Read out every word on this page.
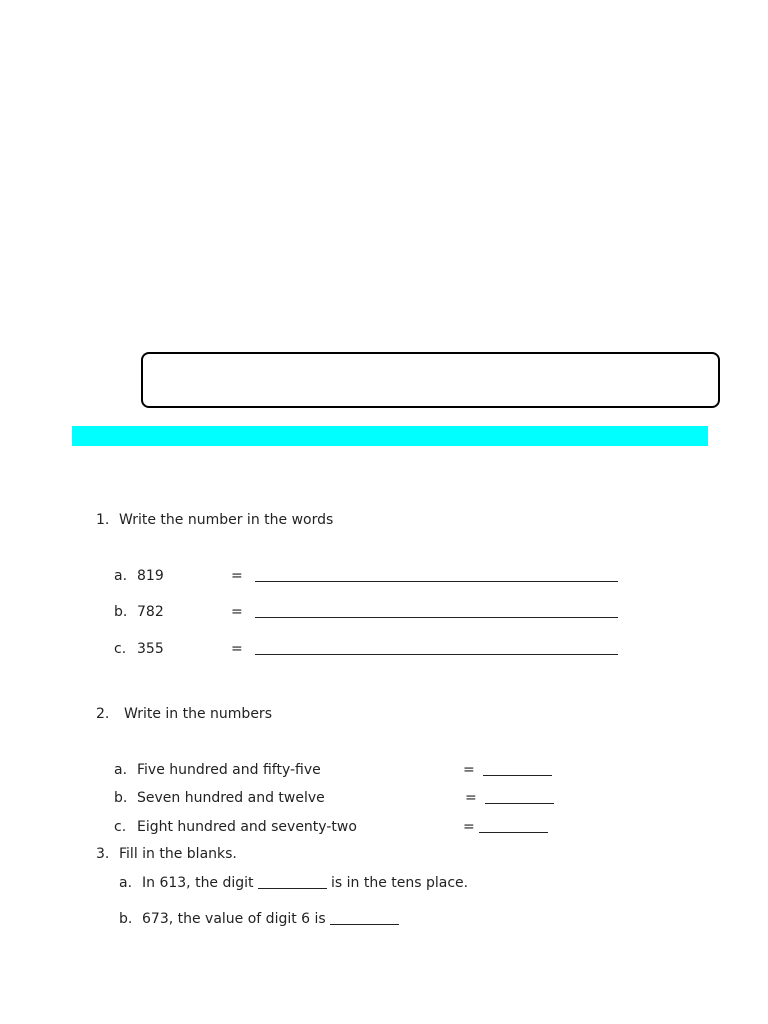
1. Write the number in the words
a. 819	=
b. 782	=
c. 355	=
2. Write in the numbers
a. Five hundred and fifty-five	=
b. Seven hundred and twelve	=
c. Eight hundred and seventy-two	=
3. Fill in the blanks.
a. In 613, the digit	is in the tens place.
b. 673, the value of digit 6 is
